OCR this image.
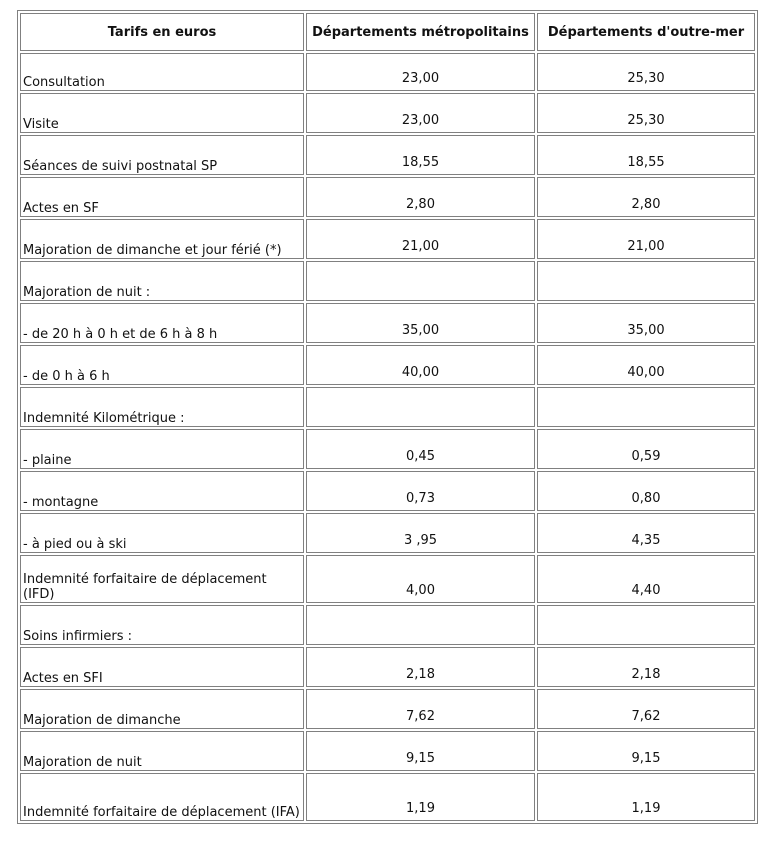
Tarifs en euros	Départements métropolitains	Départements d'outre-mer
Consultation	23,00	25,30
Visite	23,00	25,30
Séances de suivi postnatal SP	18,55	18,55
Actes en SF	2,80	2,80
Majoration de dimanche et jour férié (*)	21,00	21,00
Majoration de nuit :		
- de 20 h à 0 h et de 6 h à 8 h	35,00	35,00
- de 0 h à 6 h	40,00	40,00
Indemnité Kilométrique :		
- plaine	0,45	0,59
- montagne	0,73	0,80
- à pied ou à ski	3 ,95	4,35
Indemnité forfaitaire de déplacement (IFD)	4,00	4,40
Soins infirmiers :		
Actes en SFI	2,18	2,18
Majoration de dimanche	7,62	7,62
Majoration de nuit	9,15	9,15
Indemnité forfaitaire de déplacement (IFA)	1,19	1,19
